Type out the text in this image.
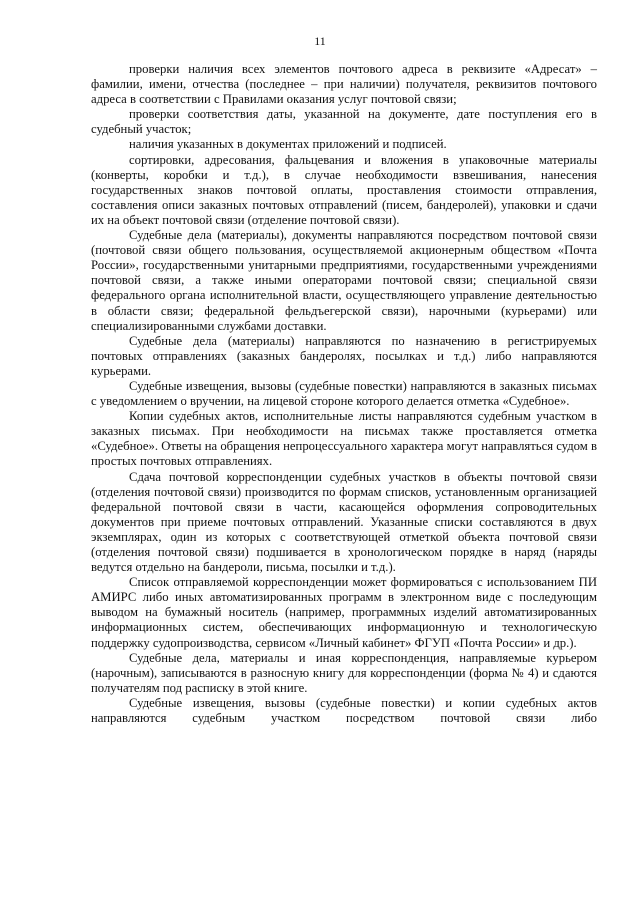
11

проверки наличия всех элементов почтового адреса в реквизите «Адресат» – фамилии, имени, отчества (последнее – при наличии) получателя, реквизитов почтового адреса в соответствии с Правилами оказания услуг почтовой связи;

проверки соответствия даты, указанной на документе, дате поступления его в судебный участок;

наличия указанных в документах приложений и подписей.

сортировки, адресования, фальцевания и вложения в упаковочные материалы (конверты, коробки и т.д.), в случае необходимости взвешивания, нанесения государственных знаков почтовой оплаты, проставления стоимости отправления, составления описи заказных почтовых отправлений (писем, бандеролей), упаковки и сдачи их на объект почтовой связи (отделение почтовой связи).

Судебные дела (материалы), документы направляются посредством почтовой связи (почтовой связи общего пользования, осуществляемой акционерным обществом «Почта России», государственными унитарными предприятиями, государственными учреждениями почтовой связи, а также иными операторами почтовой связи; специальной связи федерального органа исполнительной власти, осуществляющего управление деятельностью в области связи; федеральной фельдъегерской связи), нарочными (курьерами) или специализированными службами доставки.

Судебные дела (материалы) направляются по назначению в регистрируемых почтовых отправлениях (заказных бандеролях, посылках и т.д.) либо направляются курьерами.

Судебные извещения, вызовы (судебные повестки) направляются в заказных письмах с уведомлением о вручении, на лицевой стороне которого делается отметка «Судебное».

Копии судебных актов, исполнительные листы направляются судебным участком в заказных письмах. При необходимости на письмах также проставляется отметка «Судебное». Ответы на обращения непроцессуального характера могут направляться судом в простых почтовых отправлениях.

Сдача почтовой корреспонденции судебных участков в объекты почтовой связи (отделения почтовой связи) производится по формам списков, установленным организацией федеральной почтовой связи в части, касающейся оформления сопроводительных документов при приеме почтовых отправлений. Указанные списки составляются в двух экземплярах, один из которых с соответствующей отметкой объекта почтовой связи (отделения почтовой связи) подшивается в хронологическом порядке в наряд (наряды ведутся отдельно на бандероли, письма, посылки и т.д.).

Список отправляемой корреспонденции может формироваться с использованием ПИ АМИРС либо иных автоматизированных программ в электронном виде с последующим выводом на бумажный носитель (например, программных изделий автоматизированных информационных систем, обеспечивающих информационную и технологическую поддержку судопроизводства, сервисом «Личный кабинет» ФГУП «Почта России» и др.).

Судебные дела, материалы и иная корреспонденция, направляемые курьером (нарочным), записываются в разносную книгу для корреспонденции (форма № 4) и сдаются получателям под расписку в этой книге.

Судебные извещения, вызовы (судебные повестки) и копии судебных актов направляются судебным участком посредством почтовой связи либо
